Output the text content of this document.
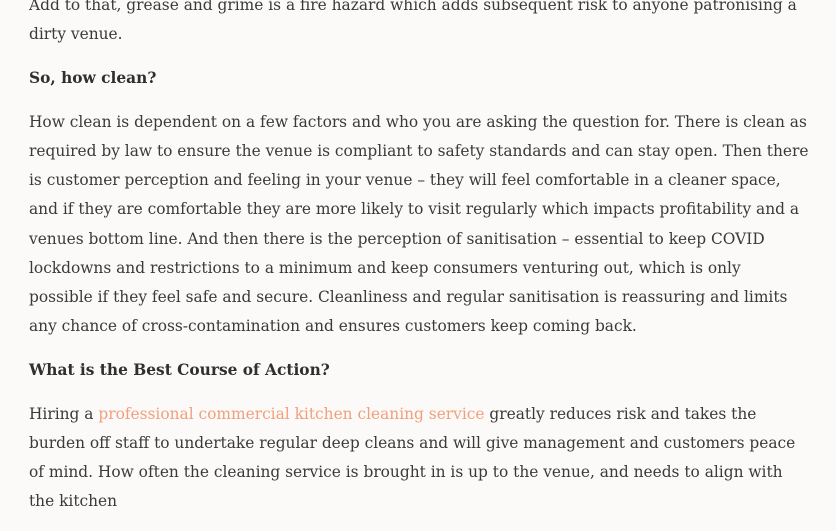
Add to that, grease and grime is a fire hazard which adds subsequent risk to anyone patronising a dirty venue.

So, how clean?

How clean is dependent on a few factors and who you are asking the question for. There is clean as required by law to ensure the venue is compliant to safety standards and can stay open. Then there is customer perception and feeling in your venue – they will feel comfortable in a cleaner space, and if they are comfortable they are more likely to visit regularly which impacts profitability and a venues bottom line. And then there is the perception of sanitisation – essential to keep COVID lockdowns and restrictions to a minimum and keep consumers venturing out, which is only possible if they feel safe and secure. Cleanliness and regular sanitisation is reassuring and limits any chance of cross-contamination and ensures customers keep coming back.

What is the Best Course of Action?

Hiring a professional commercial kitchen cleaning service greatly reduces risk and takes the burden off staff to undertake regular deep cleans and will give management and customers peace of mind. How often the cleaning service is brought in is up to the venue, and needs to align with the kitchen
